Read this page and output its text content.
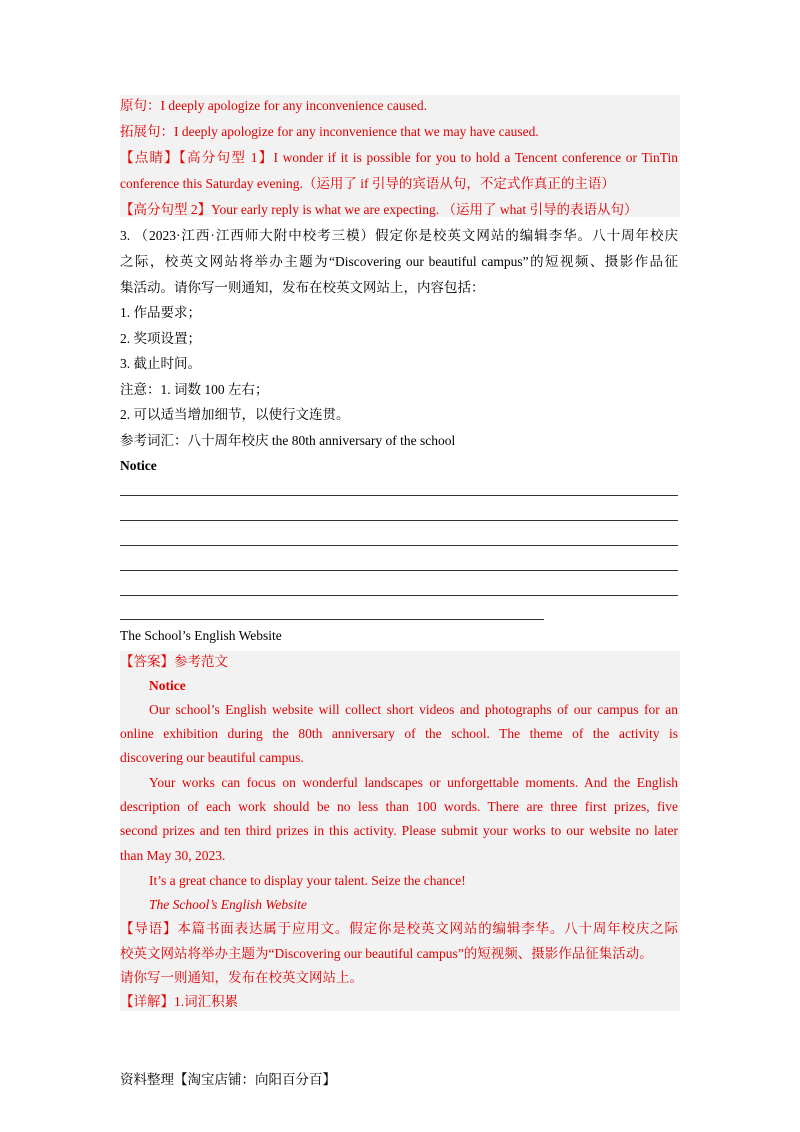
原句：I deeply apologize for any inconvenience caused.
拓展句：I deeply apologize for any inconvenience that we may have caused.
【点睛】【高分句型 1】I wonder if it is possible for you to hold a Tencent conference or TinTin
conference this Saturday evening.（运用了 if 引导的宾语从句，不定式作真正的主语）
【高分句型 2】Your early reply is what we are expecting. （运用了 what 引导的表语从句）
3. （2023·江西·江西师大附中校考三模）假定你是校英文网站的编辑李华。八十周年校庆
之际，校英文网站将举办主题为“Discovering our beautiful campus”的短视频、摄影作品征
集活动。请你写一则通知，发布在校英文网站上，内容包括：
1. 作品要求；
2. 奖项设置；
3. 截止时间。
注意：1. 词数 100 左右；
2. 可以适当增加细节，以使行文连贯。
参考词汇：八十周年校庆 the 80th anniversary of the school
Notice
The School’s English Website
【答案】参考范文
Notice
Our school’s English website will collect short videos and photographs of our campus for an
online exhibition during the 80th anniversary of the school. The theme of the activity is
discovering our beautiful campus.
Your works can focus on wonderful landscapes or unforgettable moments. And the English
description of each work should be no less than 100 words. There are three first prizes, five
second prizes and ten third prizes in this activity. Please submit your works to our website no later
than May 30, 2023.
It’s a great chance to display your talent. Seize the chance!
The School’s English Website
【导语】本篇书面表达属于应用文。假定你是校英文网站的编辑李华。八十周年校庆之际
校英文网站将举办主题为“Discovering our beautiful campus”的短视频、摄影作品征集活动。
请你写一则通知，发布在校英文网站上。
【详解】1.词汇积累
资料整理【淘宝店铺：向阳百分百】
